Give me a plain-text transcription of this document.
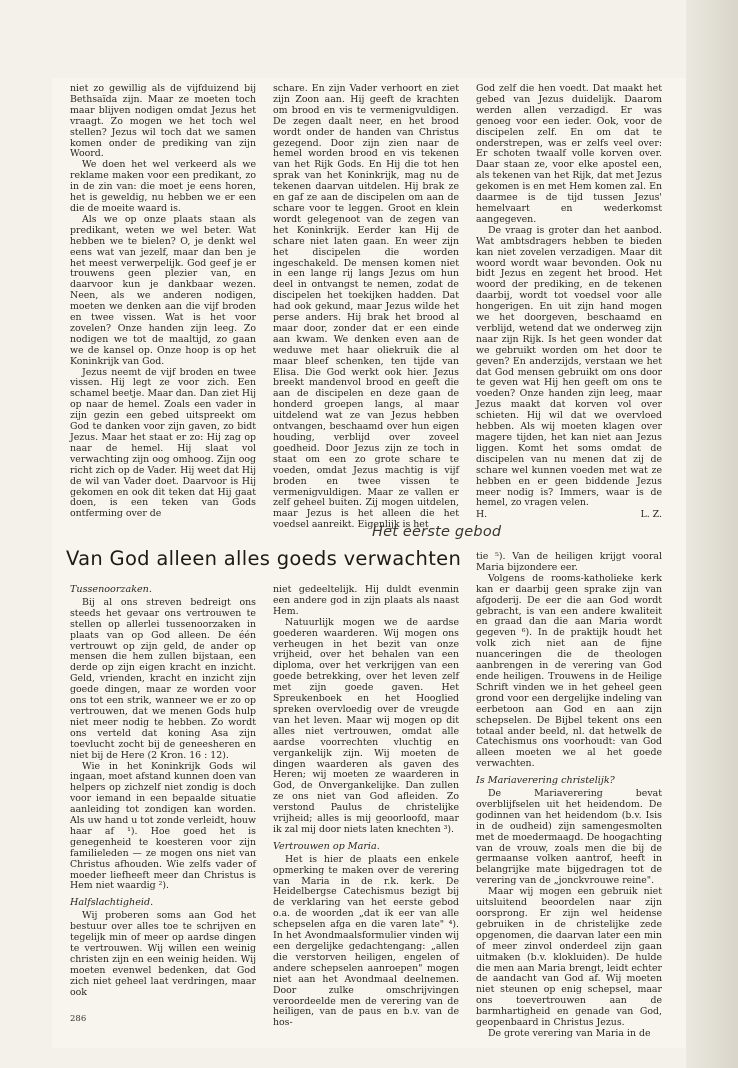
niet zo gewillig als de vijfduizend bij Bethsaïda zijn. Maar ze moeten toch maar blijven nodigen omdat Jezus het vraagt. Zo mogen we het toch wel stellen? Jezus wil toch dat we samen komen onder de prediking van zijn Woord.

We doen het wel verkeerd als we reklame maken voor een predikant, zo in de zin van: die moet je eens horen, het is geweldig, nu hebben we er een die de moeite waard is.

Als we op onze plaats staan als predikant, weten we wel beter. Wat hebben we te bielen? O, je denkt wel eens wat van jezelf, maar dan ben je het meest verwerpelijk. God geef je er trouwens geen plezier van, en daarvoor kun je dankbaar wezen. Neen, als we anderen nodigen, moeten we denken aan die vijf broden en twee vissen. Wat is het voor zovelen? Onze handen zijn leeg. Zo nodigen we tot de maaltijd, zo gaan we de kansel op. Onze hoop is op het Koninkrijk van God.

Jezus neemt de vijf broden en twee vissen. Hij legt ze voor zich. Een schamel beetje. Maar dan. Dan ziet Hij op naar de hemel. Zoals een vader in zijn gezin een gebed uitspreekt om God te danken voor zijn gaven, zo bidt Jezus. Maar het staat er zo: Hij zag op naar de hemel. Hij slaat vol verwachting zijn oog omhoog. Zijn oog richt zich op de Vader. Hij weet dat Hij de wil van Vader doet. Daarvoor is Hij gekomen en ook dit teken dat Hij gaat doen, is een teken van Gods ontferming over de

schare. En zijn Vader verhoort en ziet zijn Zoon aan. Hij geeft de krachten om brood en vis te vermenigvuldigen. De zegen daalt neer, en het brood wordt onder de handen van Christus gezegend. Door zijn zien naar de hemel worden brood en vis tekenen van het Rijk Gods. En Hij die tot hen sprak van het Koninkrijk, mag nu de tekenen daarvan uitdelen. Hij brak ze en gaf ze aan de discipelen om aan de schare voor te leggen. Groot en klein wordt gelegenoot van de zegen van het Koninkrijk. Eerder kan Hij de schare niet laten gaan. En weer zijn het discipelen die worden ingeschakeld. De mensen komen niet in een lange rij langs Jezus om hun deel in ontvangst te nemen, zodat de discipelen het toekijken hadden. Dat had ook gekund, maar Jezus wilde het perse anders. Hij brak het brood al maar door, zonder dat er een einde aan kwam. We denken even aan de weduwe met haar oliekruik die al maar bleef schenken, ten tijde van Elisa. Die God werkt ook hier. Jezus breekt mandenvol brood en geeft die aan de discipelen en deze gaan de honderd groepen langs, al maar uitdelend wat ze van Jezus hebben ontvangen, beschaamd over hun eigen houding, verblijd over zoveel goedheid. Door Jezus zijn ze toch in staat om een zo grote schare te voeden, omdat Jezus machtig is vijf broden en twee vissen te vermenigvuldigen. Maar ze vallen er zelf geheel buiten. Zij mogen uitdelen, maar Jezus is het alleen die het voedsel aanreikt. Eigenlijk is het

God zelf die hen voedt. Dat maakt het gebed van Jezus duidelijk. Daarom werden allen verzadigd. Er was genoeg voor een ieder. Ook, voor de discipelen zelf. En om dat te onderstrepen, was er zelfs veel over: Er schoten twaalf volle korven over. Daar staan ze, voor elke apostel een, als tekenen van het Rijk, dat met Jezus gekomen is en met Hem komen zal. En daarmee is de tijd tussen Jezus' hemelvaart en wederkomst aangegeven.

De vraag is groter dan het aanbod. Wat ambtsdragers hebben te bieden kan niet zovelen verzadigen. Maar dit woord wordt waar bevonden. Ook nu bidt Jezus en zegent het brood. Het woord der prediking, en de tekenen daarbij, wordt tot voedsel voor alle hongerigen. En uit zijn hand mogen we het doorgeven, beschaamd en verblijd, wetend dat we onderweg zijn naar zijn Rijk. Is het geen wonder dat we gebruikt worden om het door te geven? En anderzijds, verstaan we het dat God mensen gebruikt om ons door te geven wat Hij hen geeft om ons te voeden? Onze handen zijn leeg, maar Jezus maakt dat korven vol over schieten. Hij wil dat we overvloed hebben. Als wij moeten klagen over magere tijden, het kan niet aan Jezus liggen. Komt het soms omdat de discipelen van nu menen dat zij de schare wel kunnen voeden met wat ze hebben en er geen biddende Jezus meer nodig is? Immers, waar is de hemel, zo vragen velen.

H.	L. Z.
Het eerste gebod
Van God alleen alles goeds verwachten
Tussenoorzaken.

Bij al ons streven bedreigt ons steeds het gevaar ons vertrouwen te stellen op allerlei tussenoorzaken in plaats van op God alleen. De één vertrouwt op zijn geld, de ander op mensen die hem zullen bijstaan, een derde op zijn eigen kracht en inzicht. Geld, vrienden, kracht en inzicht zijn goede dingen, maar ze worden voor ons tot een strik, wanneer we er zo op vertrouwen, dat we menen Gods hulp niet meer nodig te hebben. Zo wordt ons verteld dat koning Asa zijn toevlucht zocht bij de geneesheren en niet bij de Here (2 Kron. 16 : 12).

Wie in het Koninkrijk Gods wil ingaan, moet afstand kunnen doen van helpers op zichzelf niet zondig is doch voor iemand in een bepaalde situatie aanleiding tot zondigen kan worden. Als uw hand u tot zonde verleidt, houw haar af ¹). Hoe goed het is genegenheid te koesteren voor zijn familieleden — ze mogen ons niet van Christus afhouden. Wie zelfs vader of moeder liefheeft meer dan Christus is Hem niet waardig ²).

Halfslachtigheid.

Wij proberen soms aan God het bestuur over alles toe te schrijven en tegelijk min of meer op aardse dingen te vertrouwen. Wij willen een weinig christen zijn en een weinig heiden. Wij moeten evenwel bedenken, dat God zich niet geheel laat verdringen, maar ook

niet gedeeltelijk. Hij duldt evenmin een andere god in zijn plaats als naast Hem.

Natuurlijk mogen we de aardse goederen waarderen. Wij mogen ons verheugen in het bezit van onze vrijheid, over het behalen van een diploma, over het verkrijgen van een goede betrekking, over het leven zelf met zijn goede gaven. Het Spreukenboek en het Hooglied spreken overvloedig over de vreugde van het leven. Maar wij mogen op dit alles niet vertrouwen, omdat alle aardse voorrechten vluchtig en vergankelijk zijn. Wij moeten de dingen waarderen als gaven des Heren; wij moeten ze waarderen in God, de Onvergankelijke. Dan zullen ze ons niet van God afleiden. Zo verstond Paulus de christelijke vrijheid; alles is mij geoorloofd, maar ik zal mij door niets laten knechten ³).

Vertrouwen op Maria.

Het is hier de plaats een enkele opmerking te maken over de verering van Maria in de r.k. kerk. De Heidelbergse Catechismus bezigt bij de verklaring van het eerste gebod o.a. de woorden „dat ik eer van alle schepselen afga en die varen late" ⁴). In het Avondmaalsformulier vinden wij een dergelijke gedachtengang: „allen die verstorven heiligen, engelen of andere schepselen aanroepen" mogen niet aan het Avondmaal deelnemen. Door zulke omschrijvingen veroordeelde men de verering van de heiligen, van de paus en b.v. van de hos-

tie ⁵). Van de heiligen krijgt vooral Maria bijzondere eer.

Volgens de rooms-katholieke kerk kan er daarbij geen sprake zijn van afgoderij. De eer die aan God wordt gebracht, is van een andere kwaliteit en graad dan die aan Maria wordt gegeven ⁶). In de praktijk houdt het volk zich niet aan de fijne nuanceringen die de theologen aanbrengen in de verering van God ende heiligen. Trouwens in de Heilige Schrift vinden we in het geheel geen grond voor een dergelijke indeling van eerbetoon aan God en aan zijn schepselen. De Bijbel tekent ons een totaal ander beeld, nl. dat hetwelk de Catechismus ons voorhoudt: van God alleen moeten we al het goede verwachten.

Is Mariaverering christelijk?

De Mariaverering bevat overblijfselen uit het heidendom. De godinnen van het heidendom (b.v. Isis in de oudheid) zijn samengesmolten met de moedermaagd. De hoogachting van de vrouw, zoals men die bij de germaanse volken aantrof, heeft in belangrijke mate bijgedragen tot de verering van de „jonckvrouwe reine".

Maar wij mogen een gebruik niet uitsluitend beoordelen naar zijn oorsprong. Er zijn wel heidense gebruiken in de christelijke zede opgenomen, die daarvan later een min of meer zinvol onderdeel zijn gaan uitmaken (b.v. klokluiden). De hulde die men aan Maria brengt, leidt echter de aandacht van God af. Wij moeten niet steunen op enig schepsel, maar ons toevertrouwen aan de barmhartigheid en genade van God, geopenbaard in Christus Jezus.

De grote verering van Maria in de

286
